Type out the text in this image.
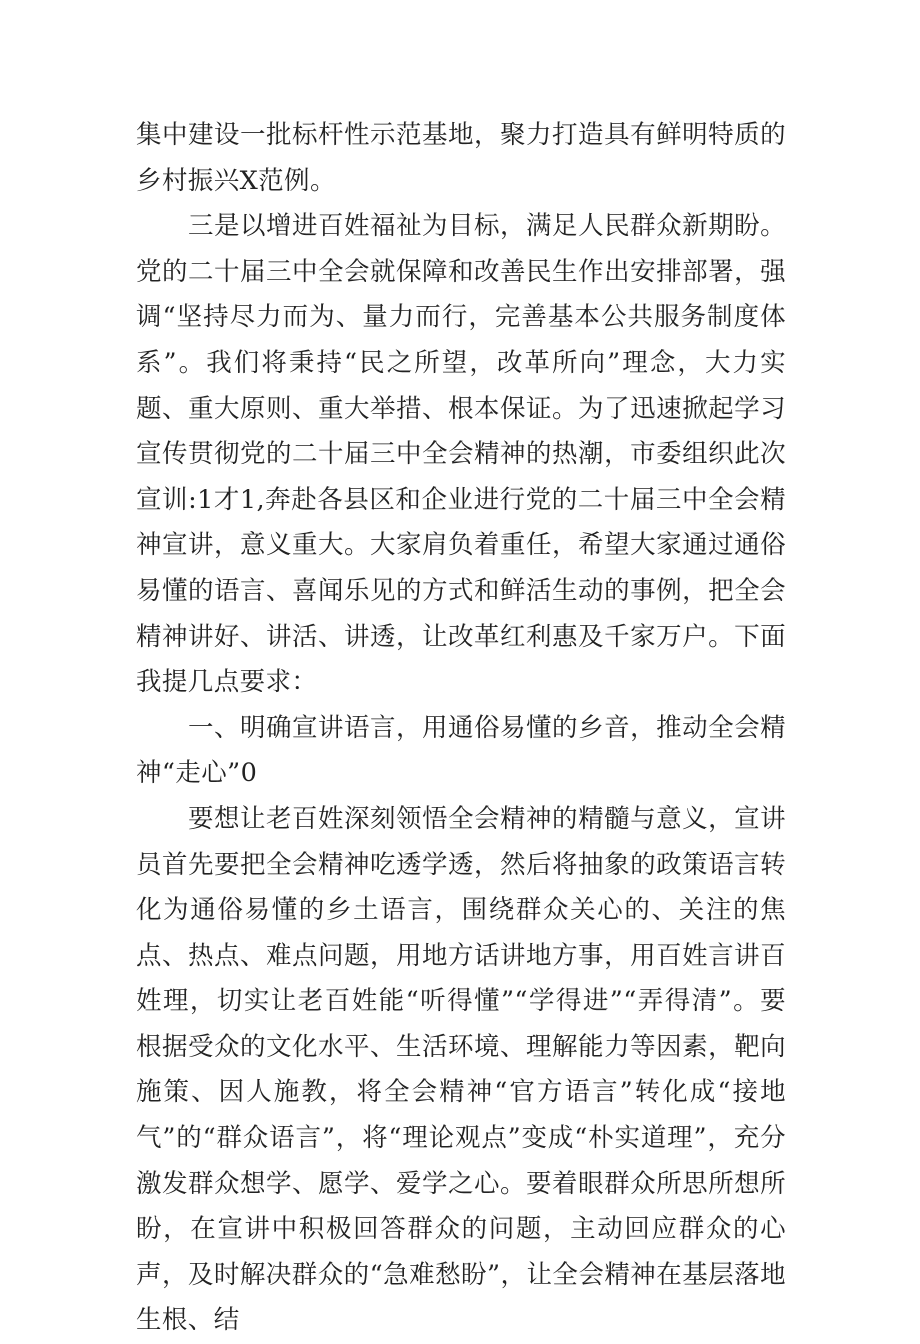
集中建设一批标杆性示范基地，聚力打造具有鲜明特质的乡村振兴X范例。

三是以增进百姓福祉为目标，满足人民群众新期盼。党的二十届三中全会就保障和改善民生作出安排部署，强调“坚持尽力而为、量力而行，完善基本公共服务制度体系”。我们将秉持“民之所望，改革所向”理念，大力实题、重大原则、重大举措、根本保证。为了迅速掀起学习宣传贯彻党的二十届三中全会精神的热潮，市委组织此次宣训:1才1,奔赴各县区和企业进行党的二十届三中全会精神宣讲，意义重大。大家肩负着重任，希望大家通过通俗易懂的语言、喜闻乐见的方式和鲜活生动的事例，把全会精神讲好、讲活、讲透，让改革红利惠及千家万户。下面我提几点要求：

一、明确宣讲语言，用通俗易懂的乡音，推动全会精神“走心”0

要想让老百姓深刻领悟全会精神的精髓与意义，宣讲员首先要把全会精神吃透学透，然后将抽象的政策语言转化为通俗易懂的乡土语言，围绕群众关心的、关注的焦点、热点、难点问题，用地方话讲地方事，用百姓言讲百姓理，切实让老百姓能“听得懂”“学得进”“弄得清”。要根据受众的文化水平、生活环境、理解能力等因素，靶向施策、因人施教，将全会精神“官方语言”转化成“接地气”的“群众语言”，将“理论观点”变成“朴实道理”，充分激发群众想学、愿学、爱学之心。要着眼群众所思所想所盼，在宣讲中积极回答群众的问题，主动回应群众的心声，及时解决群众的“急难愁盼”，让全会精神在基层落地生根、结
